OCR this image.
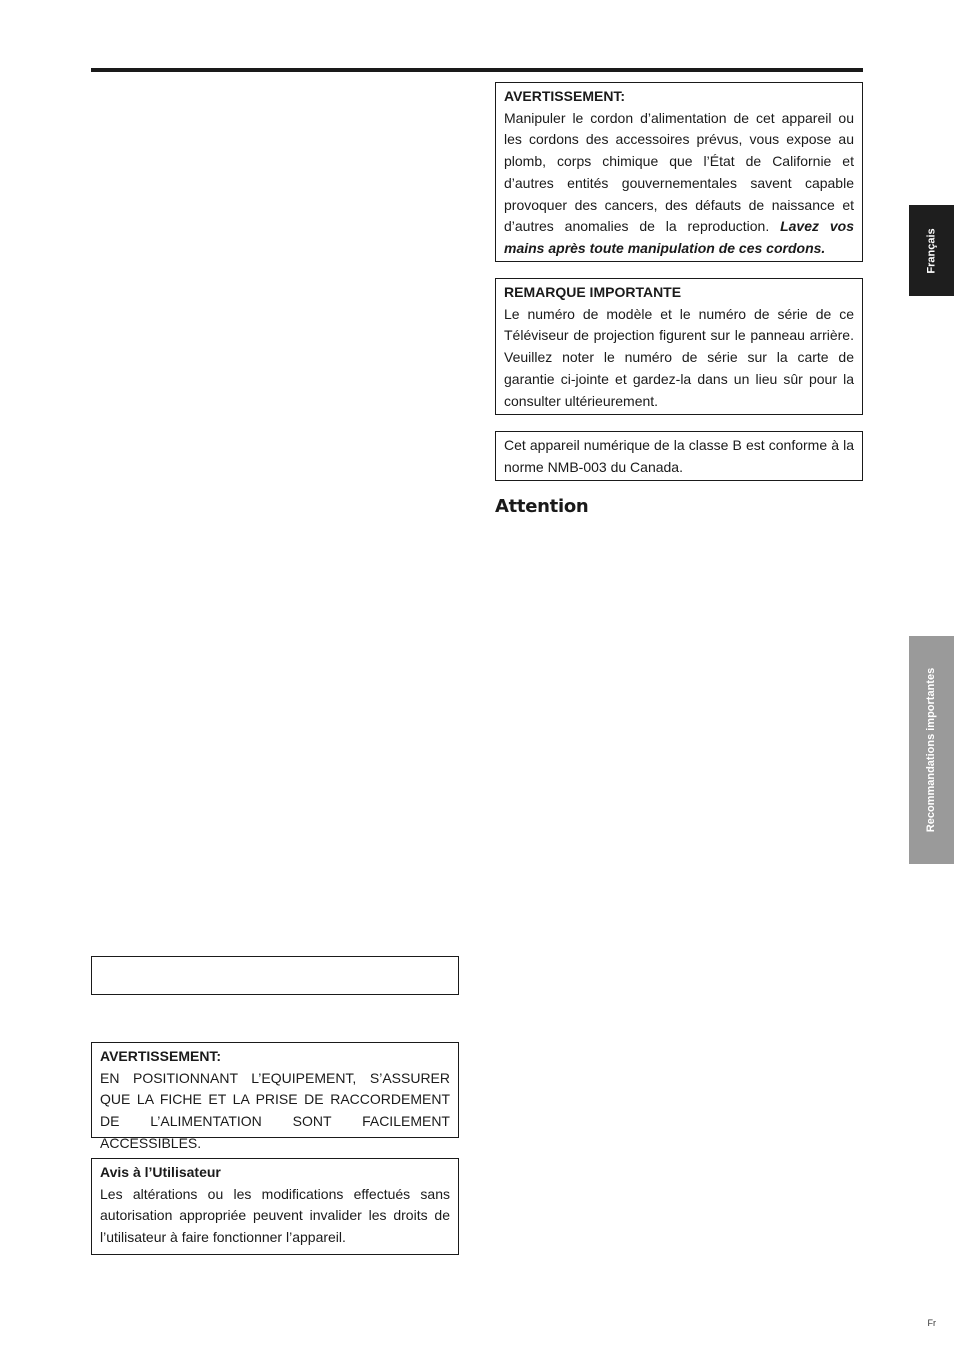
AVERTISSEMENT:
Manipuler le cordon d’alimentation de cet appareil ou les cordons des accessoires prévus, vous expose au plomb, corps chimique que l’État de Californie et d’autres entités gouvernementales savent capable provoquer des cancers, des défauts de naissance et d’autres anomalies de la reproduction. Lavez vos mains après toute manipulation de ces cordons.
REMARQUE IMPORTANTE
Le numéro de modèle et le numéro de série de ce Téléviseur de projection figurent sur le panneau arrière. Veuillez noter le numéro de série sur la carte de garantie ci-jointe et gardez-la dans un lieu sûr pour la consulter ultérieurement.
Cet appareil numérique de la classe B est conforme à la norme NMB-003 du Canada.
Attention
AVERTISSEMENT:
EN POSITIONNANT L’EQUIPEMENT, S’ASSURER QUE LA FICHE ET LA PRISE DE RACCORDEMENT DE L’ALIMENTATION SONT FACILEMENT ACCESSIBLES.
Avis à l’Utilisateur
Les altérations ou les modifications effectués sans autorisation appropriée peuvent invalider les droits de l’utilisateur à faire fonctionner l’appareil.
Français
Recommandations importantes
Fr
